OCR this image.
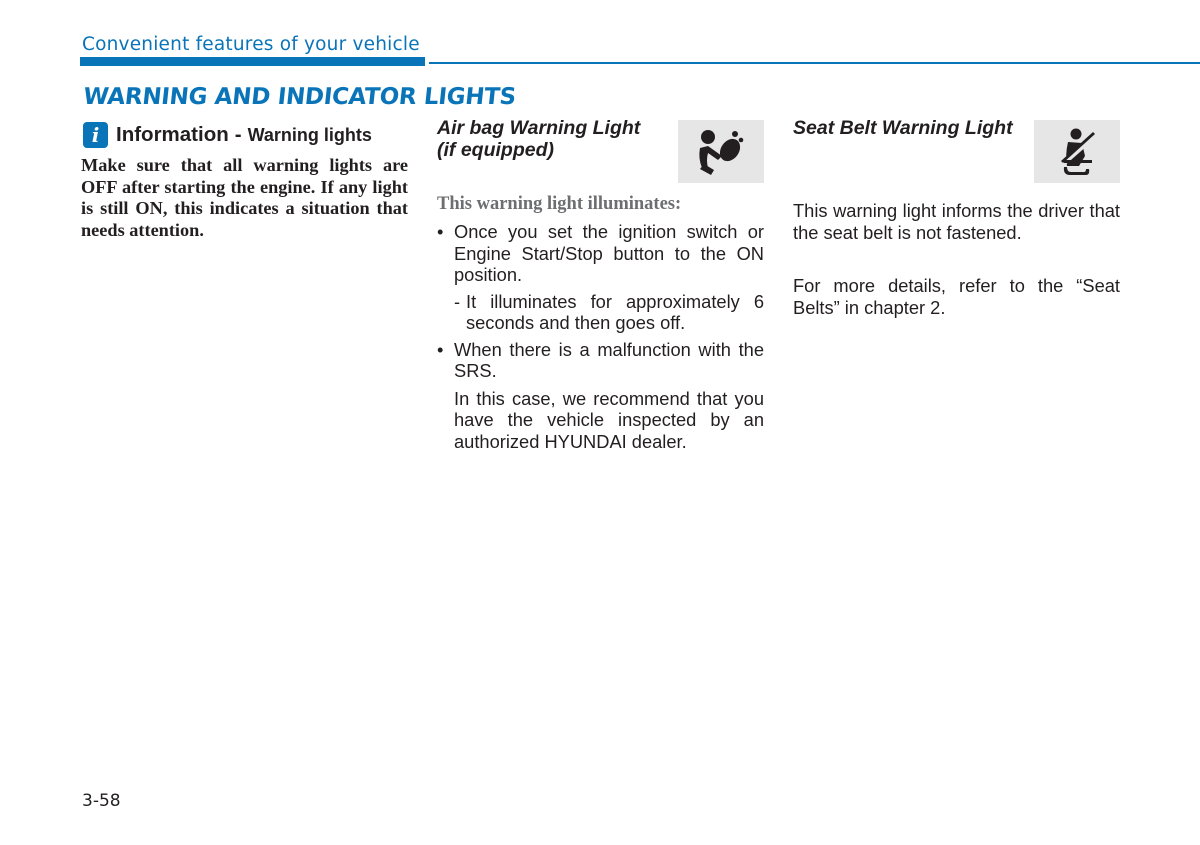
Convenient features of your vehicle
WARNING AND INDICATOR LIGHTS
i Information - Warning lights

Make sure that all warning lights are OFF after starting the engine. If any light is still ON, this indicates a situation that needs attention.

Air bag Warning Light
(if equipped)

This warning light illuminates:

• Once you set the ignition switch or Engine Start/Stop button to the ON position.
- It illuminates for approximately 6 seconds and then goes off.
• When there is a malfunction with the SRS.
In this case, we recommend that you have the vehicle inspected by an authorized HYUNDAI dealer.

Seat Belt Warning Light

This warning light informs the driver that the seat belt is not fastened.

For more details, refer to the “Seat Belts” in chapter 2.

3-58
